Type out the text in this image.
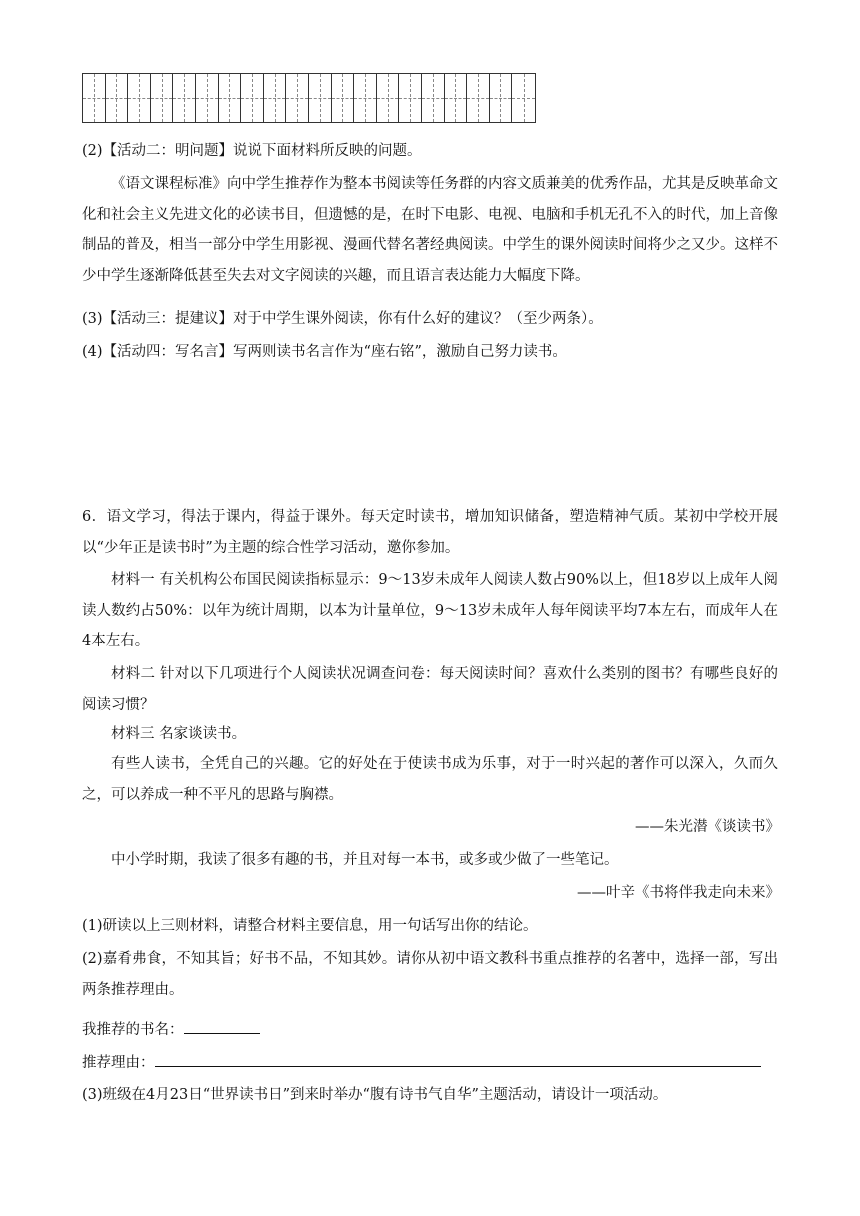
(2)【活动二：明问题】说说下面材料所反映的问题。
《语文课程标准》向中学生推荐作为整本书阅读等任务群的内容文质兼美的优秀作品，尤其是反映革命文化和社会主义先进文化的必读书目，但遗憾的是，在时下电影、电视、电脑和手机无孔不入的时代，加上音像制品的普及，相当一部分中学生用影视、漫画代替名著经典阅读。中学生的课外阅读时间将少之又少。这样不少中学生逐渐降低甚至失去对文字阅读的兴趣，而且语言表达能力大幅度下降。
(3)【活动三：提建议】对于中学生课外阅读，你有什么好的建议？（至少两条）。
(4)【活动四：写名言】写两则读书名言作为“座右铭”，激励自己努力读书。
6．语文学习，得法于课内，得益于课外。每天定时读书，增加知识储备，塑造精神气质。某初中学校开展以“少年正是读书时”为主题的综合性学习活动，邀你参加。
材料一 有关机构公布国民阅读指标显示：9～13岁未成年人阅读人数占90%以上，但18岁以上成年人阅读人数约占50%：以年为统计周期，以本为计量单位，9～13岁未成年人每年阅读平均7本左右，而成年人在4本左右。
材料二 针对以下几项进行个人阅读状况调查问卷：每天阅读时间？喜欢什么类别的图书？有哪些良好的阅读习惯？
材料三 名家谈读书。
有些人读书，全凭自己的兴趣。它的好处在于使读书成为乐事，对于一时兴起的著作可以深入，久而久之，可以养成一种不平凡的思路与胸襟。
——朱光潜《谈读书》
中小学时期，我读了很多有趣的书，并且对每一本书，或多或少做了一些笔记。
——叶辛《书将伴我走向未来》
(1)研读以上三则材料，请整合材料主要信息，用一句话写出你的结论。
(2)嘉肴弗食，不知其旨；好书不品，不知其妙。请你从初中语文教科书重点推荐的名著中，选择一部，写出两条推荐理由。
我推荐的书名：
推荐理由：
(3)班级在4月23日“世界读书日”到来时举办“腹有诗书气自华”主题活动，请设计一项活动。
